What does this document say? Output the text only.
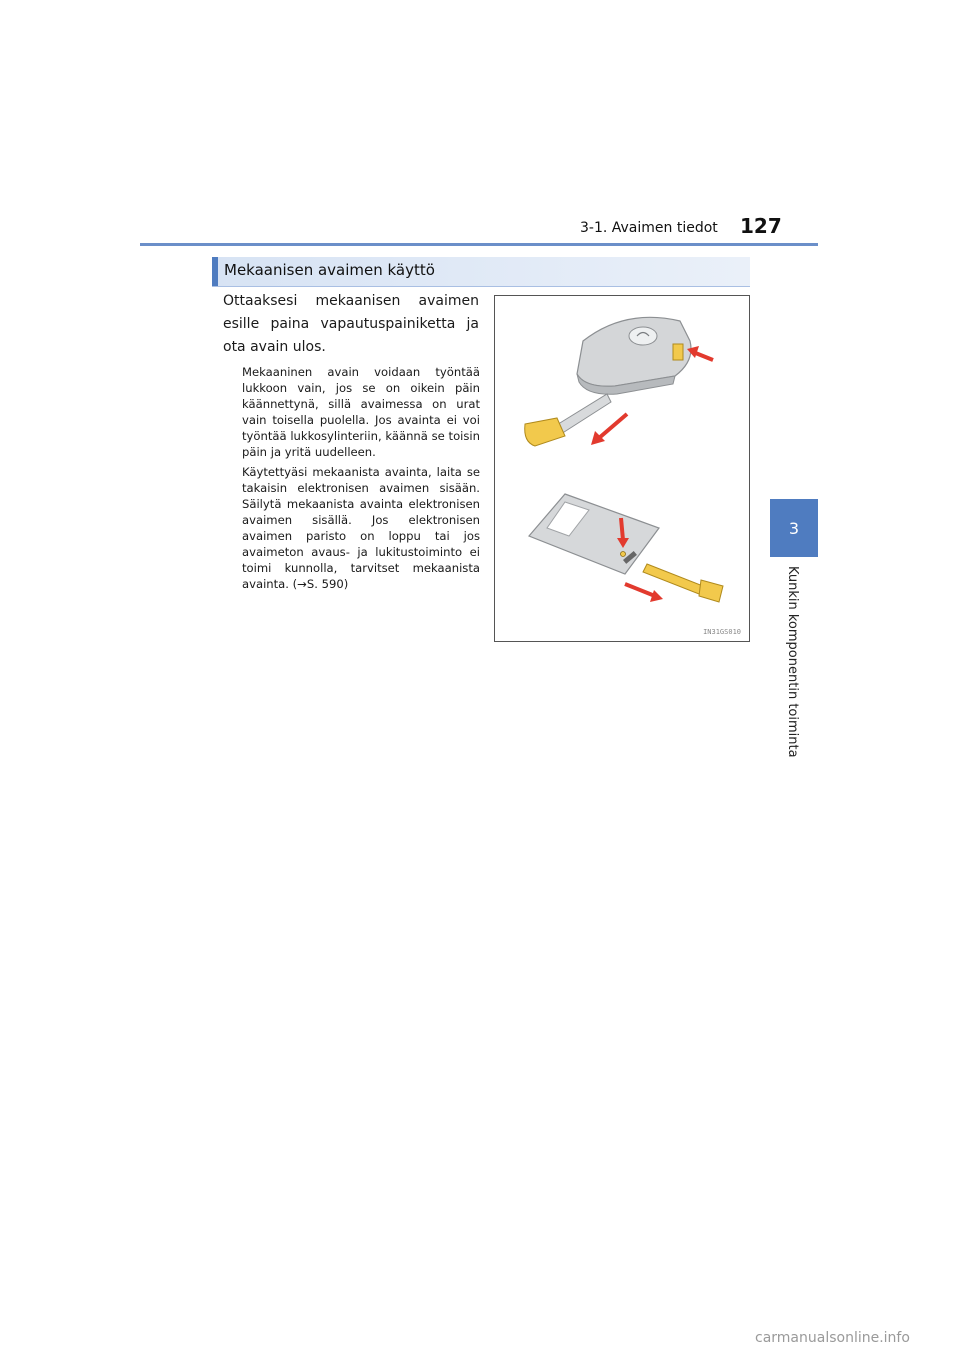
3-1. Avaimen tiedot 127
3
Kunkin komponentin toiminta
Mekaanisen avaimen käyttö
Ottaaksesi mekaanisen avaimen esille paina vapautuspainiketta ja ota avain ulos.
Mekaaninen avain voidaan työntää lukkoon vain, jos se on oikein päin käännettynä, sillä avaimessa on urat vain toisella puolella. Jos avainta ei voi työntää lukkosylinteriin, käännä se toisin päin ja yritä uudelleen.
Käytettyäsi mekaanista avainta, laita se takaisin elektronisen avaimen sisään. Säilytä mekaanista avainta elektronisen avaimen sisällä. Jos elektronisen avaimen paristo on loppu tai jos avaimeton avaus- ja lukitustoiminto ei toimi kunnolla, tarvitset mekaanista avainta. (→S. 590)
IN31GS010
carmanualsonline.info
